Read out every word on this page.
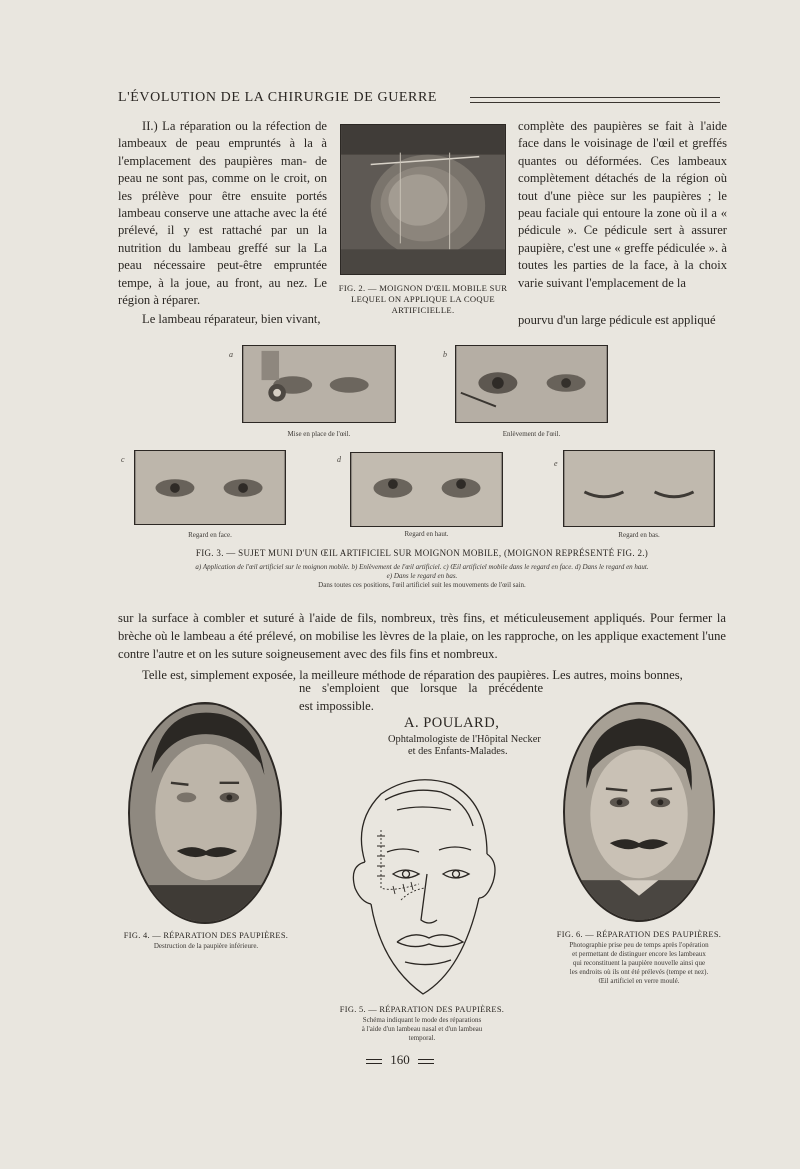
L'ÉVOLUTION DE LA CHIRURGIE DE GUERRE

II.) La réparation ou la réfection de lambeaux de peau empruntés à la à l'emplacement des paupières man- de peau ne sont pas, comme on le croit, on les prélève pour être ensuite portés lambeau conserve une attache avec la été prélevé, il y est rattaché par un la nutrition du lambeau greffé sur la La peau nécessaire peut-être empruntée tempe, à la joue, au front, au nez. Le région à réparer.

Le lambeau réparateur, bien vivant,

FIG. 2. — MOIGNON D'ŒIL MOBILE SUR LEQUEL ON APPLIQUE LA COQUE ARTIFICIELLE.

complète des paupières se fait à l'aide face dans le voisinage de l'œil et greffés quantes ou déformées. Ces lambeaux complètement détachés de la région où tout d'une pièce sur les paupières ; le peau faciale qui entoure la zone où il a « pédicule ». Ce pédicule sert à assurer paupière, c'est une « greffe pédiculée ». à toutes les parties de la face, à la choix varie suivant l'emplacement de la

pourvu d'un large pédicule est appliqué

a
Mise en place de l'œil.
b
Enlèvement de l'œil.
c
Regard en face.
d
Regard en haut.
e
Regard en bas.
FIG. 3. — SUJET MUNI D'UN ŒIL ARTIFICIEL SUR MOIGNON MOBILE, (MOIGNON REPRÉSENTÉ FIG. 2.)
a) Application de l'œil artificiel sur le moignon mobile. b) Enlèvement de l'œil artificiel. c) Œil artificiel mobile dans le regard en face. d) Dans le regard en haut.
e) Dans le regard en bas.
Dans toutes ces positions, l'œil artificiel suit les mouvements de l'œil sain.

sur la surface à combler et suturé à l'aide de fils, nombreux, très fins, et méticuleusement appliqués. Pour fermer la brèche où le lambeau a été prélevé, on mobilise les lèvres de la plaie, on les rapproche, on les applique exactement l'une contre l'autre et on les suture soigneusement avec des fils fins et nombreux.

Telle est, simplement exposée, la meilleure méthode de réparation des paupières. Les autres, moins bonnes,

ne s'emploient que lorsque la précédente
est impossible.
A. POULARD,
Ophtalmologiste de l'Hôpital Necker
et des Enfants-Malades.
FIG. 4. — RÉPARATION DES PAUPIÈRES.
Destruction de la paupière inférieure.
FIG. 5. — RÉPARATION DES PAUPIÈRES.
Schéma indiquant le mode des réparations
à l'aide d'un lambeau nasal et d'un lambeau
temporal.
FIG. 6. — RÉPARATION DES PAUPIÈRES.
Photographie prise peu de temps après l'opération
et permettant de distinguer encore les lambeaux
qui reconstituent la paupière nouvelle ainsi que
les endroits où ils ont été prélevés (tempe et nez).
Œil artificiel en verre moulé.
160
